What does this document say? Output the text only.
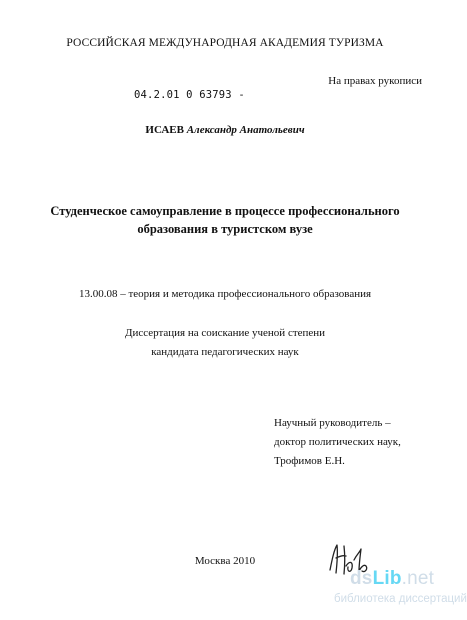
РОССИЙСКАЯ МЕЖДУНАРОДНАЯ АКАДЕМИЯ ТУРИЗМА
На правах рукописи
04.2.01 0 63793 -
ИСАЕВ Александр Анатольевич
Студенческое самоуправление в процессе профессионального
образования в туристском вузе
13.00.08 – теория и методика профессионального образования
Диссертация на соискание ученой степени
кандидата педагогических наук
Научный руководитель –
доктор политических наук,
Трофимов Е.Н.
Москва 2010
dsLib.net
библиотека диссертаций
